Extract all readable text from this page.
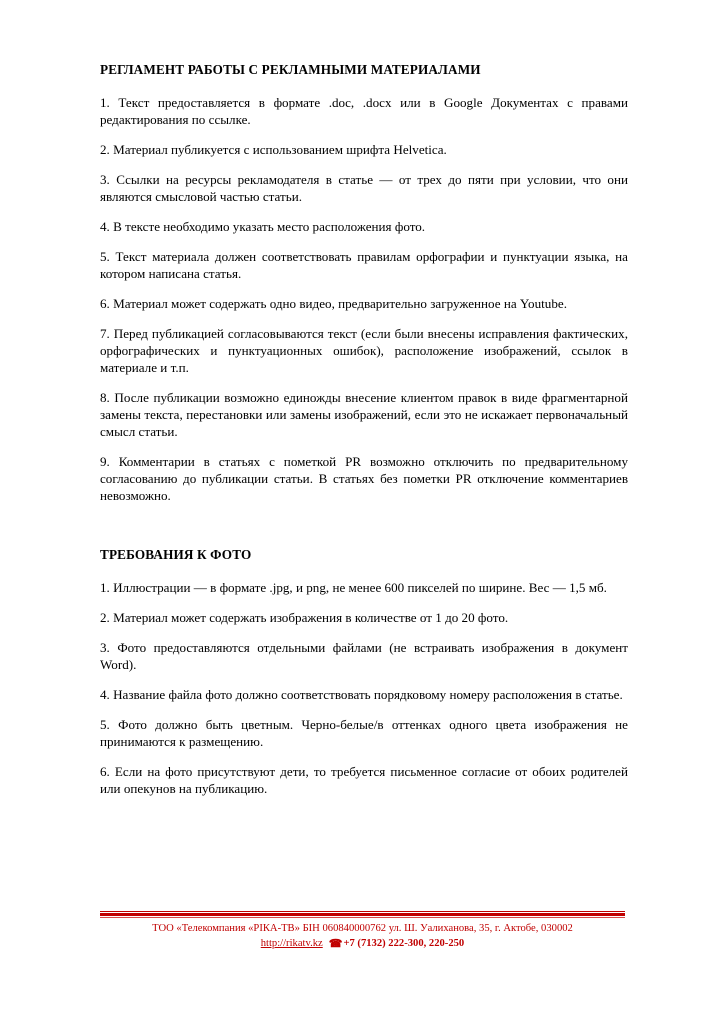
РЕГЛАМЕНТ РАБОТЫ С РЕКЛАМНЫМИ МАТЕРИАЛАМИ

1. Текст предоставляется в формате .doc, .docx или в Google Документах с правами редактирования по ссылке.

2. Материал публикуется с использованием шрифта Helvetica.

3. Ссылки на ресурсы рекламодателя в статье — от трех до пяти при условии, что они являются смысловой частью статьи.

4. В тексте необходимо указать место расположения фото.

5. Текст материала должен соответствовать правилам орфографии и пунктуации языка, на котором написана статья.

6. Материал может содержать одно видео, предварительно загруженное на Youtube.

7. Перед публикацией согласовываются текст (если были внесены исправления фактических, орфографических и пунктуационных ошибок), расположение изображений, ссылок в материале и т.п.

8. После публикации возможно единожды внесение клиентом правок в виде фрагментарной замены текста, перестановки или замены изображений, если это не искажает первоначальный смысл статьи.

9. Комментарии в статьях с пометкой PR возможно отключить по предварительному согласованию до публикации статьи. В статьях без пометки PR отключение комментариев невозможно.

ТРЕБОВАНИЯ К ФОТО

1. Иллюстрации — в формате .jpg, и png, не менее 600 пикселей по ширине. Вес — 1,5 мб.

2. Материал может содержать изображения в количестве от 1 до 20 фото.

3. Фото предоставляются отдельными файлами (не встраивать изображения в документ Word).

4. Название файла фото должно соответствовать порядковому номеру расположения в статье.

5. Фото должно быть цветным. Черно-белые/в оттенках одного цвета изображения не принимаются к размещению.

6. Если на фото присутствуют дети, то требуется письменное согласие от обоих родителей или опекунов на публикацию.

ТОО «Телекомпания «РІКА-ТВ» БІН 060840000762 ул. Ш. Уалиханова, 35, г. Актобе, 030002
http://rikatv.kz ☎+7 (7132) 222-300, 220-250
